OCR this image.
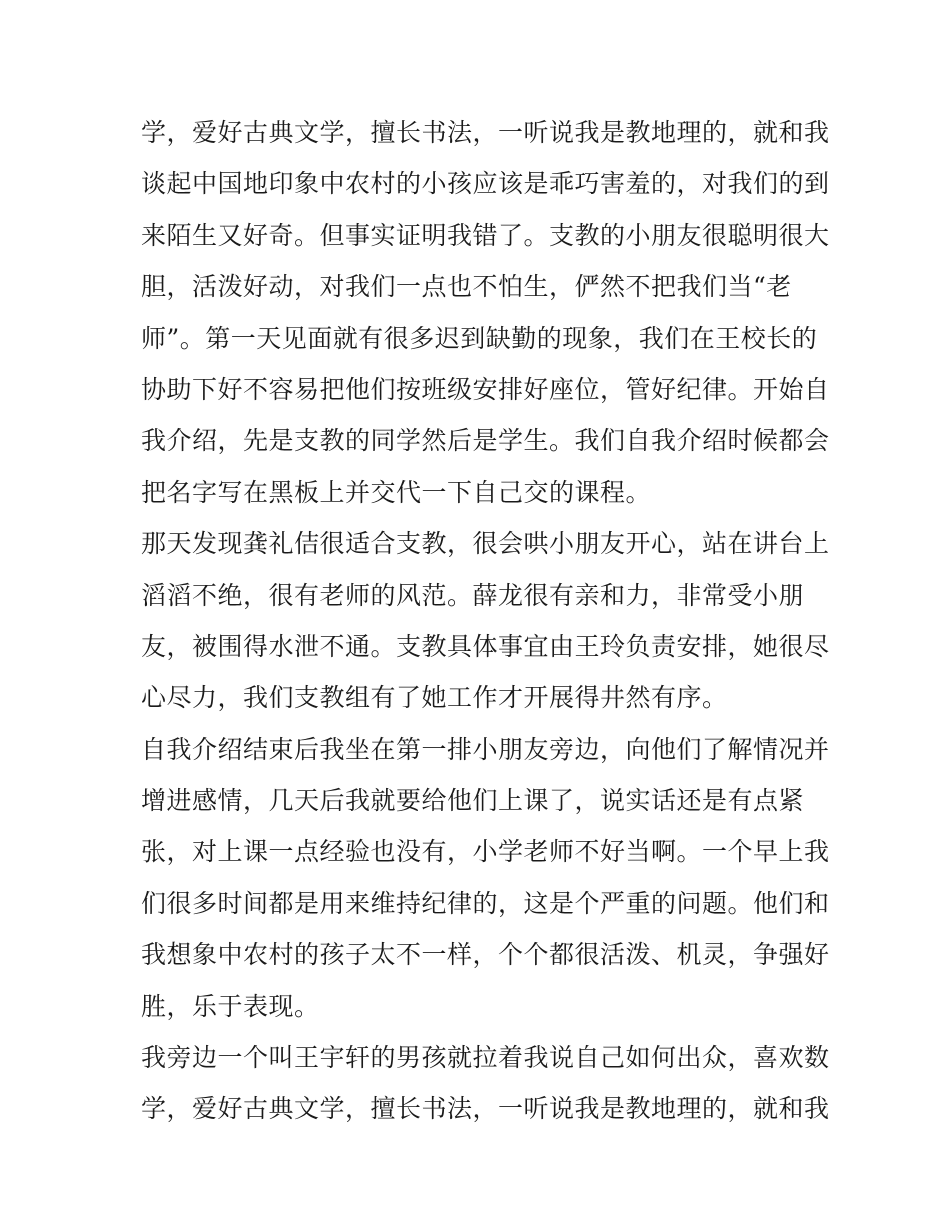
学，爱好古典文学，擅长书法，一听说我是教地理的，就和我
谈起中国地印象中农村的小孩应该是乖巧害羞的，对我们的到
来陌生又好奇。但事实证明我错了。支教的小朋友很聪明很大
胆，活泼好动，对我们一点也不怕生，俨然不把我们当“老
师”。第一天见面就有很多迟到缺勤的现象，我们在王校长的
协助下好不容易把他们按班级安排好座位，管好纪律。开始自
我介绍，先是支教的同学然后是学生。我们自我介绍时候都会
把名字写在黑板上并交代一下自己交的课程。

那天发现龚礼佶很适合支教，很会哄小朋友开心，站在讲台上
滔滔不绝，很有老师的风范。薛龙很有亲和力，非常受小朋
友，被围得水泄不通。支教具体事宜由王玲负责安排，她很尽
心尽力，我们支教组有了她工作才开展得井然有序。

自我介绍结束后我坐在第一排小朋友旁边，向他们了解情况并
增进感情，几天后我就要给他们上课了，说实话还是有点紧
张，对上课一点经验也没有，小学老师不好当啊。一个早上我
们很多时间都是用来维持纪律的，这是个严重的问题。他们和
我想象中农村的孩子太不一样，个个都很活泼、机灵，争强好
胜，乐于表现。

我旁边一个叫王宇轩的男孩就拉着我说自己如何出众，喜欢数
学，爱好古典文学，擅长书法，一听说我是教地理的，就和我
